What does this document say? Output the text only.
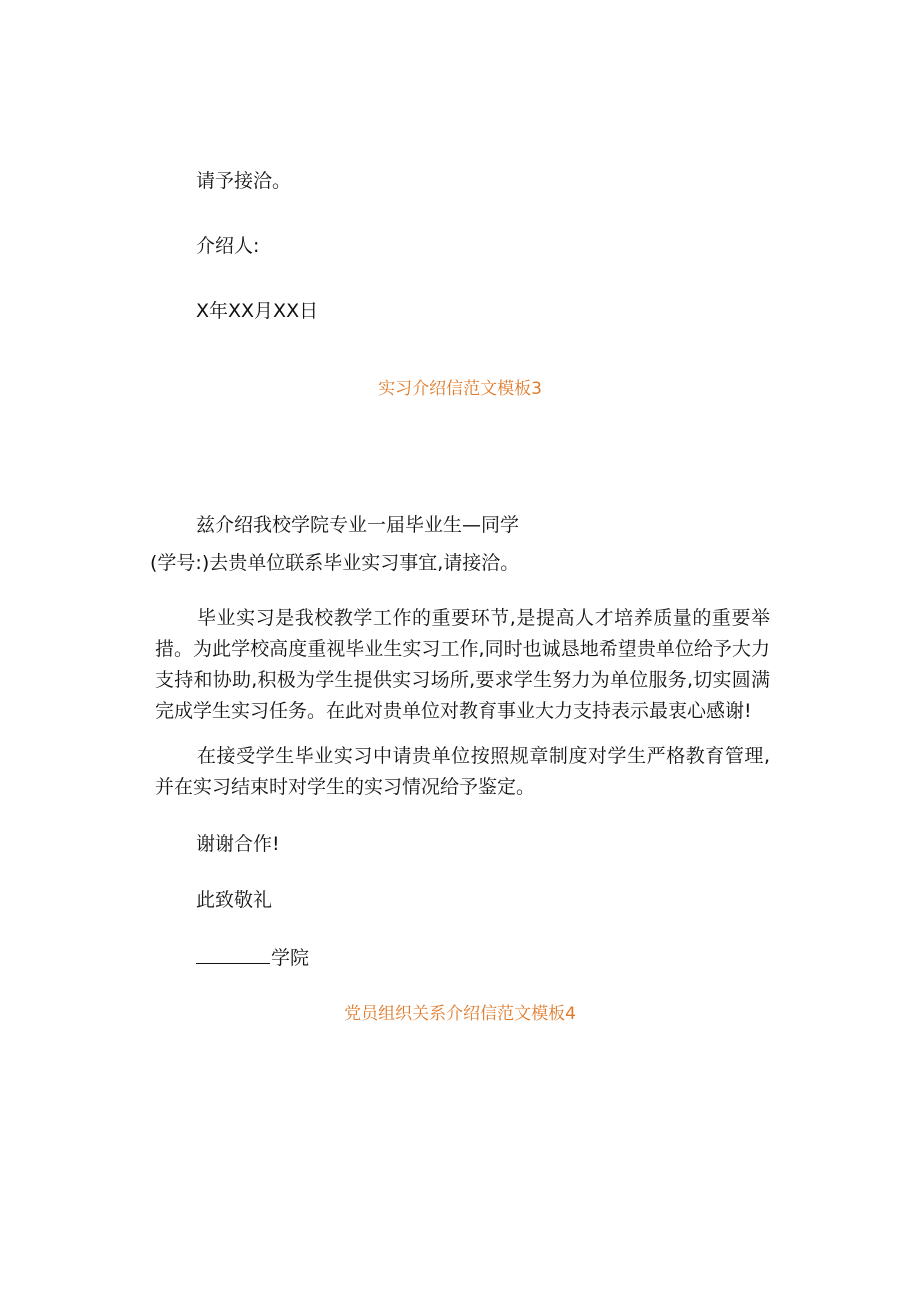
请予接洽。
介绍人:
X年XX月XX日
实习介绍信范文模板3
兹介绍我校学院专业一届毕业生—同学
(学号:)去贵单位联系毕业实习事宜,请接洽。

毕业实习是我校教学工作的重要环节,是提高人才培养质量的重要举措。为此学校高度重视毕业生实习工作,同时也诚恳地希望贵单位给予大力支持和协助,积极为学生提供实习场所,要求学生努力为单位服务,切实圆满完成学生实习任务。在此对贵单位对教育事业大力支持表示最衷心感谢!

在接受学生毕业实习中请贵单位按照规章制度对学生严格教育管理,并在实习结束时对学生的实习情况给予鉴定。

谢谢合作!
此致敬礼
学院
党员组织关系介绍信范文模板4
